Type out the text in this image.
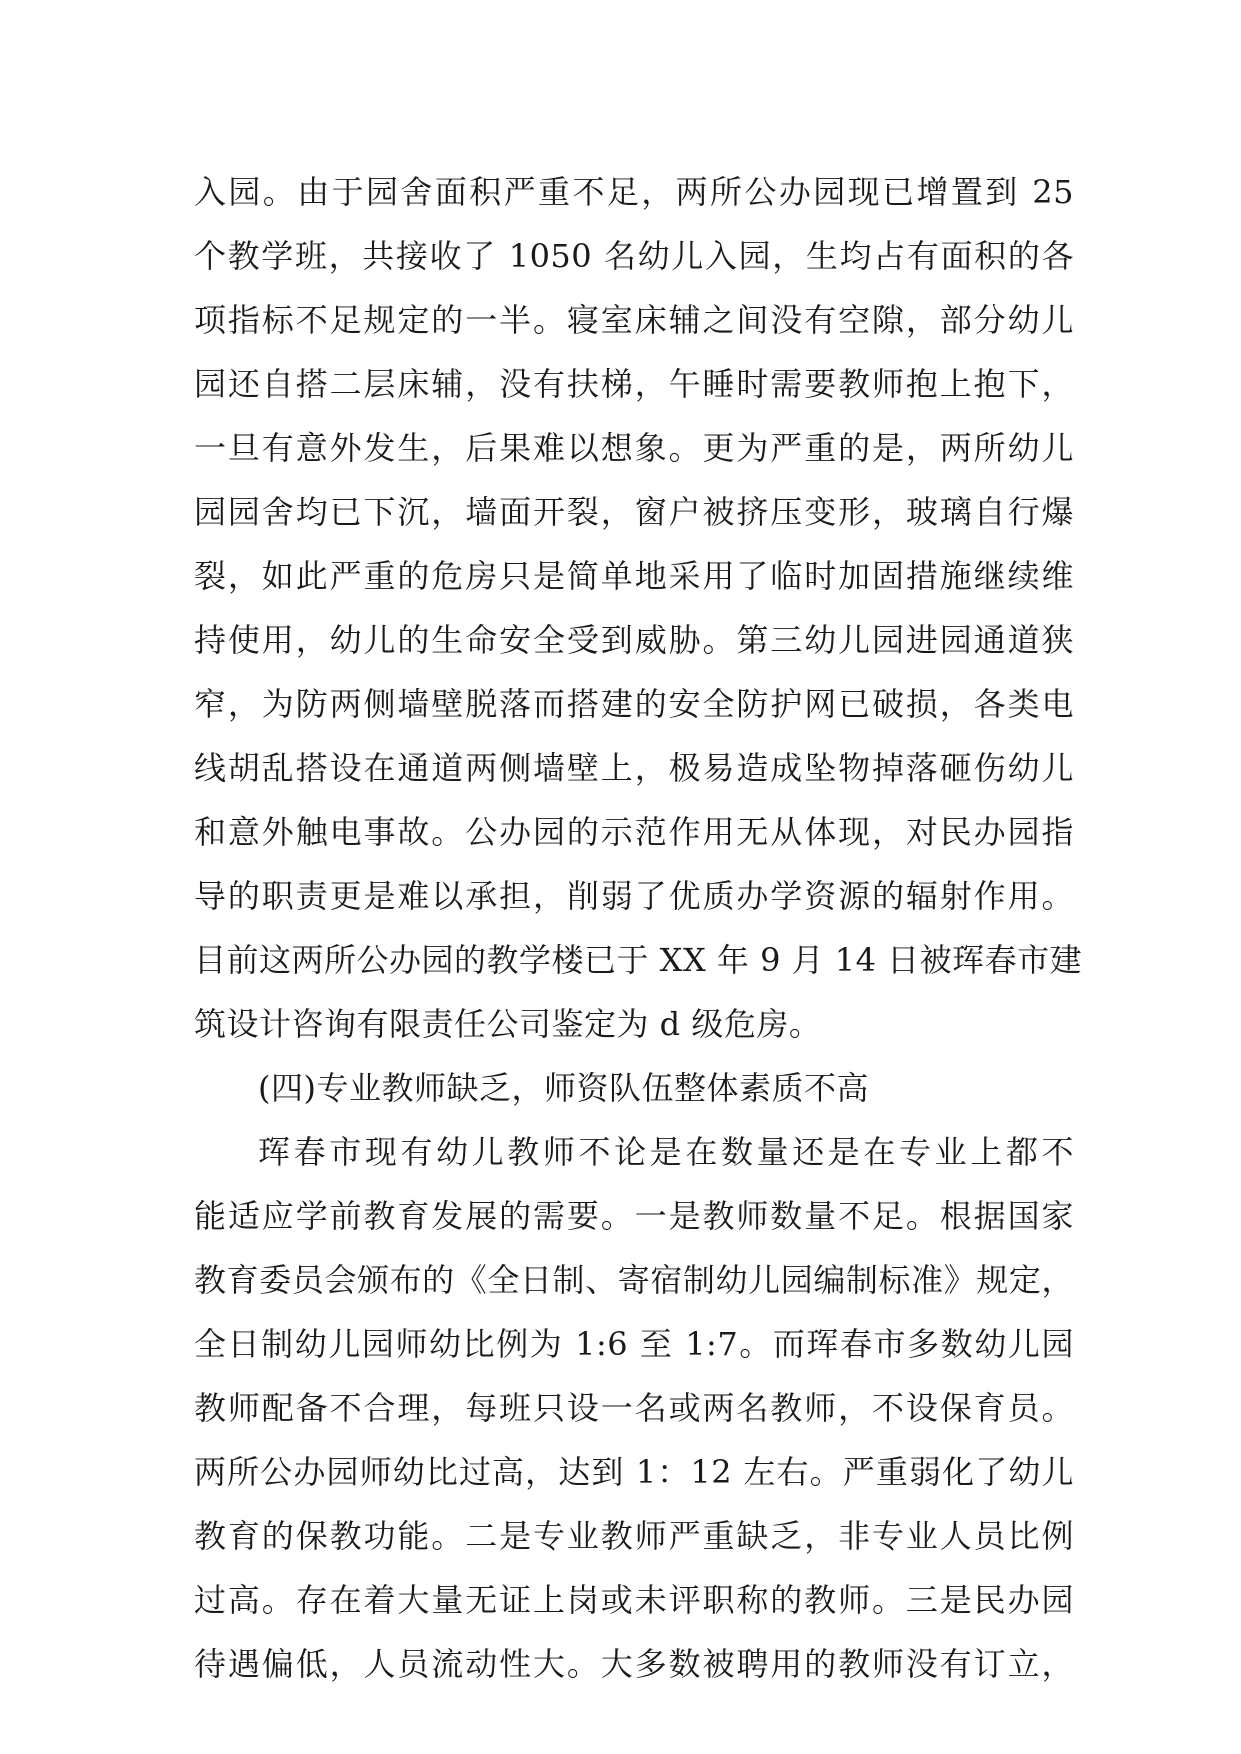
入园。由于园舍面积严重不足，两所公办园现已增置到 25
个教学班，共接收了 1050 名幼儿入园，生均占有面积的各
项指标不足规定的一半。寝室床辅之间没有空隙，部分幼儿
园还自搭二层床辅，没有扶梯，午睡时需要教师抱上抱下，
一旦有意外发生，后果难以想象。更为严重的是，两所幼儿
园园舍均已下沉，墙面开裂，窗户被挤压变形，玻璃自行爆
裂，如此严重的危房只是简单地采用了临时加固措施继续维
持使用，幼儿的生命安全受到威胁。第三幼儿园进园通道狭
窄，为防两侧墙壁脱落而搭建的安全防护网已破损，各类电
线胡乱搭设在通道两侧墙壁上，极易造成坠物掉落砸伤幼儿
和意外触电事故。公办园的示范作用无从体现，对民办园指
导的职责更是难以承担，削弱了优质办学资源的辐射作用。
目前这两所公办园的教学楼已于 XX 年 9 月 14 日被珲春市建
筑设计咨询有限责任公司鉴定为 d 级危房。
(四)专业教师缺乏，师资队伍整体素质不高
珲春市现有幼儿教师不论是在数量还是在专业上都不
能适应学前教育发展的需要。一是教师数量不足。根据国家
教育委员会颁布的《全日制、寄宿制幼儿园编制标准》规定，
全日制幼儿园师幼比例为 1:6 至 1:7。而珲春市多数幼儿园
教师配备不合理，每班只设一名或两名教师，不设保育员。
两所公办园师幼比过高，达到 1：12 左右。严重弱化了幼儿
教育的保教功能。二是专业教师严重缺乏，非专业人员比例
过高。存在着大量无证上岗或未评职称的教师。三是民办园
待遇偏低，人员流动性大。大多数被聘用的教师没有订立，
